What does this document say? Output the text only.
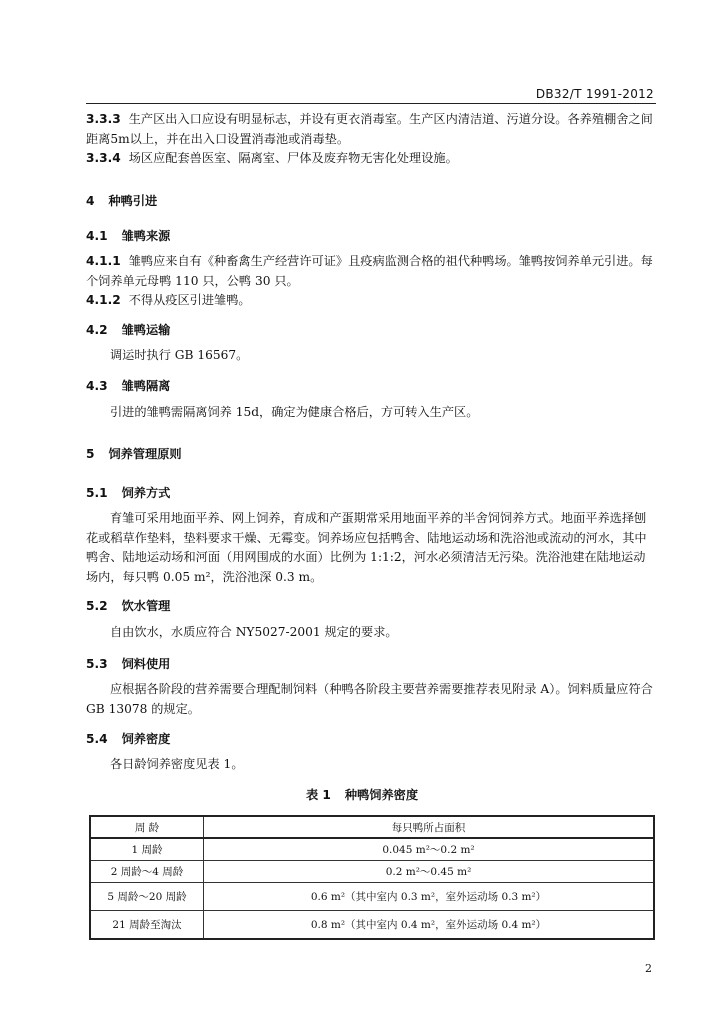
DB32/T 1991-2012
3.3.3 生产区出入口应设有明显标志，并设有更衣消毒室。生产区内清洁道、污道分设。各养殖棚舍之间距离5m以上，并在出入口设置消毒池或消毒垫。
3.3.4 场区应配套兽医室、隔离室、尸体及废弃物无害化处理设施。
4 种鸭引进
4.1 雏鸭来源
4.1.1 雏鸭应来自有《种畜禽生产经营许可证》且疫病监测合格的祖代种鸭场。雏鸭按饲养单元引进。每个饲养单元母鸭 110 只，公鸭 30 只。
4.1.2 不得从疫区引进雏鸭。
4.2 雏鸭运输
调运时执行 GB 16567。
4.3 雏鸭隔离
引进的雏鸭需隔离饲养 15d，确定为健康合格后，方可转入生产区。
5 饲养管理原则
5.1 饲养方式
育雏可采用地面平养、网上饲养，育成和产蛋期常采用地面平养的半舍饲饲养方式。地面平养选择刨花或稻草作垫料，垫料要求干燥、无霉变。饲养场应包括鸭舍、陆地运动场和洗浴池或流动的河水，其中鸭舍、陆地运动场和河面（用网围成的水面）比例为 1:1:2，河水必须清洁无污染。洗浴池建在陆地运动场内，每只鸭 0.05 m²，洗浴池深 0.3 m。
5.2 饮水管理
自由饮水，水质应符合 NY5027-2001 规定的要求。
5.3 饲料使用
应根据各阶段的营养需要合理配制饲料（种鸭各阶段主要营养需要推荐表见附录 A）。饲料质量应符合 GB 13078 的规定。
5.4 饲养密度
各日龄饲养密度见表 1。
表 1 种鸭饲养密度
周 龄	每只鸭所占面积
1 周龄	0.045 m²～0.2 m²
2 周龄～4 周龄	0.2 m²～0.45 m²
5 周龄～20 周龄	0.6 m²（其中室内 0.3 m²，室外运动场 0.3 m²）
21 周龄至淘汰	0.8 m²（其中室内 0.4 m²，室外运动场 0.4 m²）
2
